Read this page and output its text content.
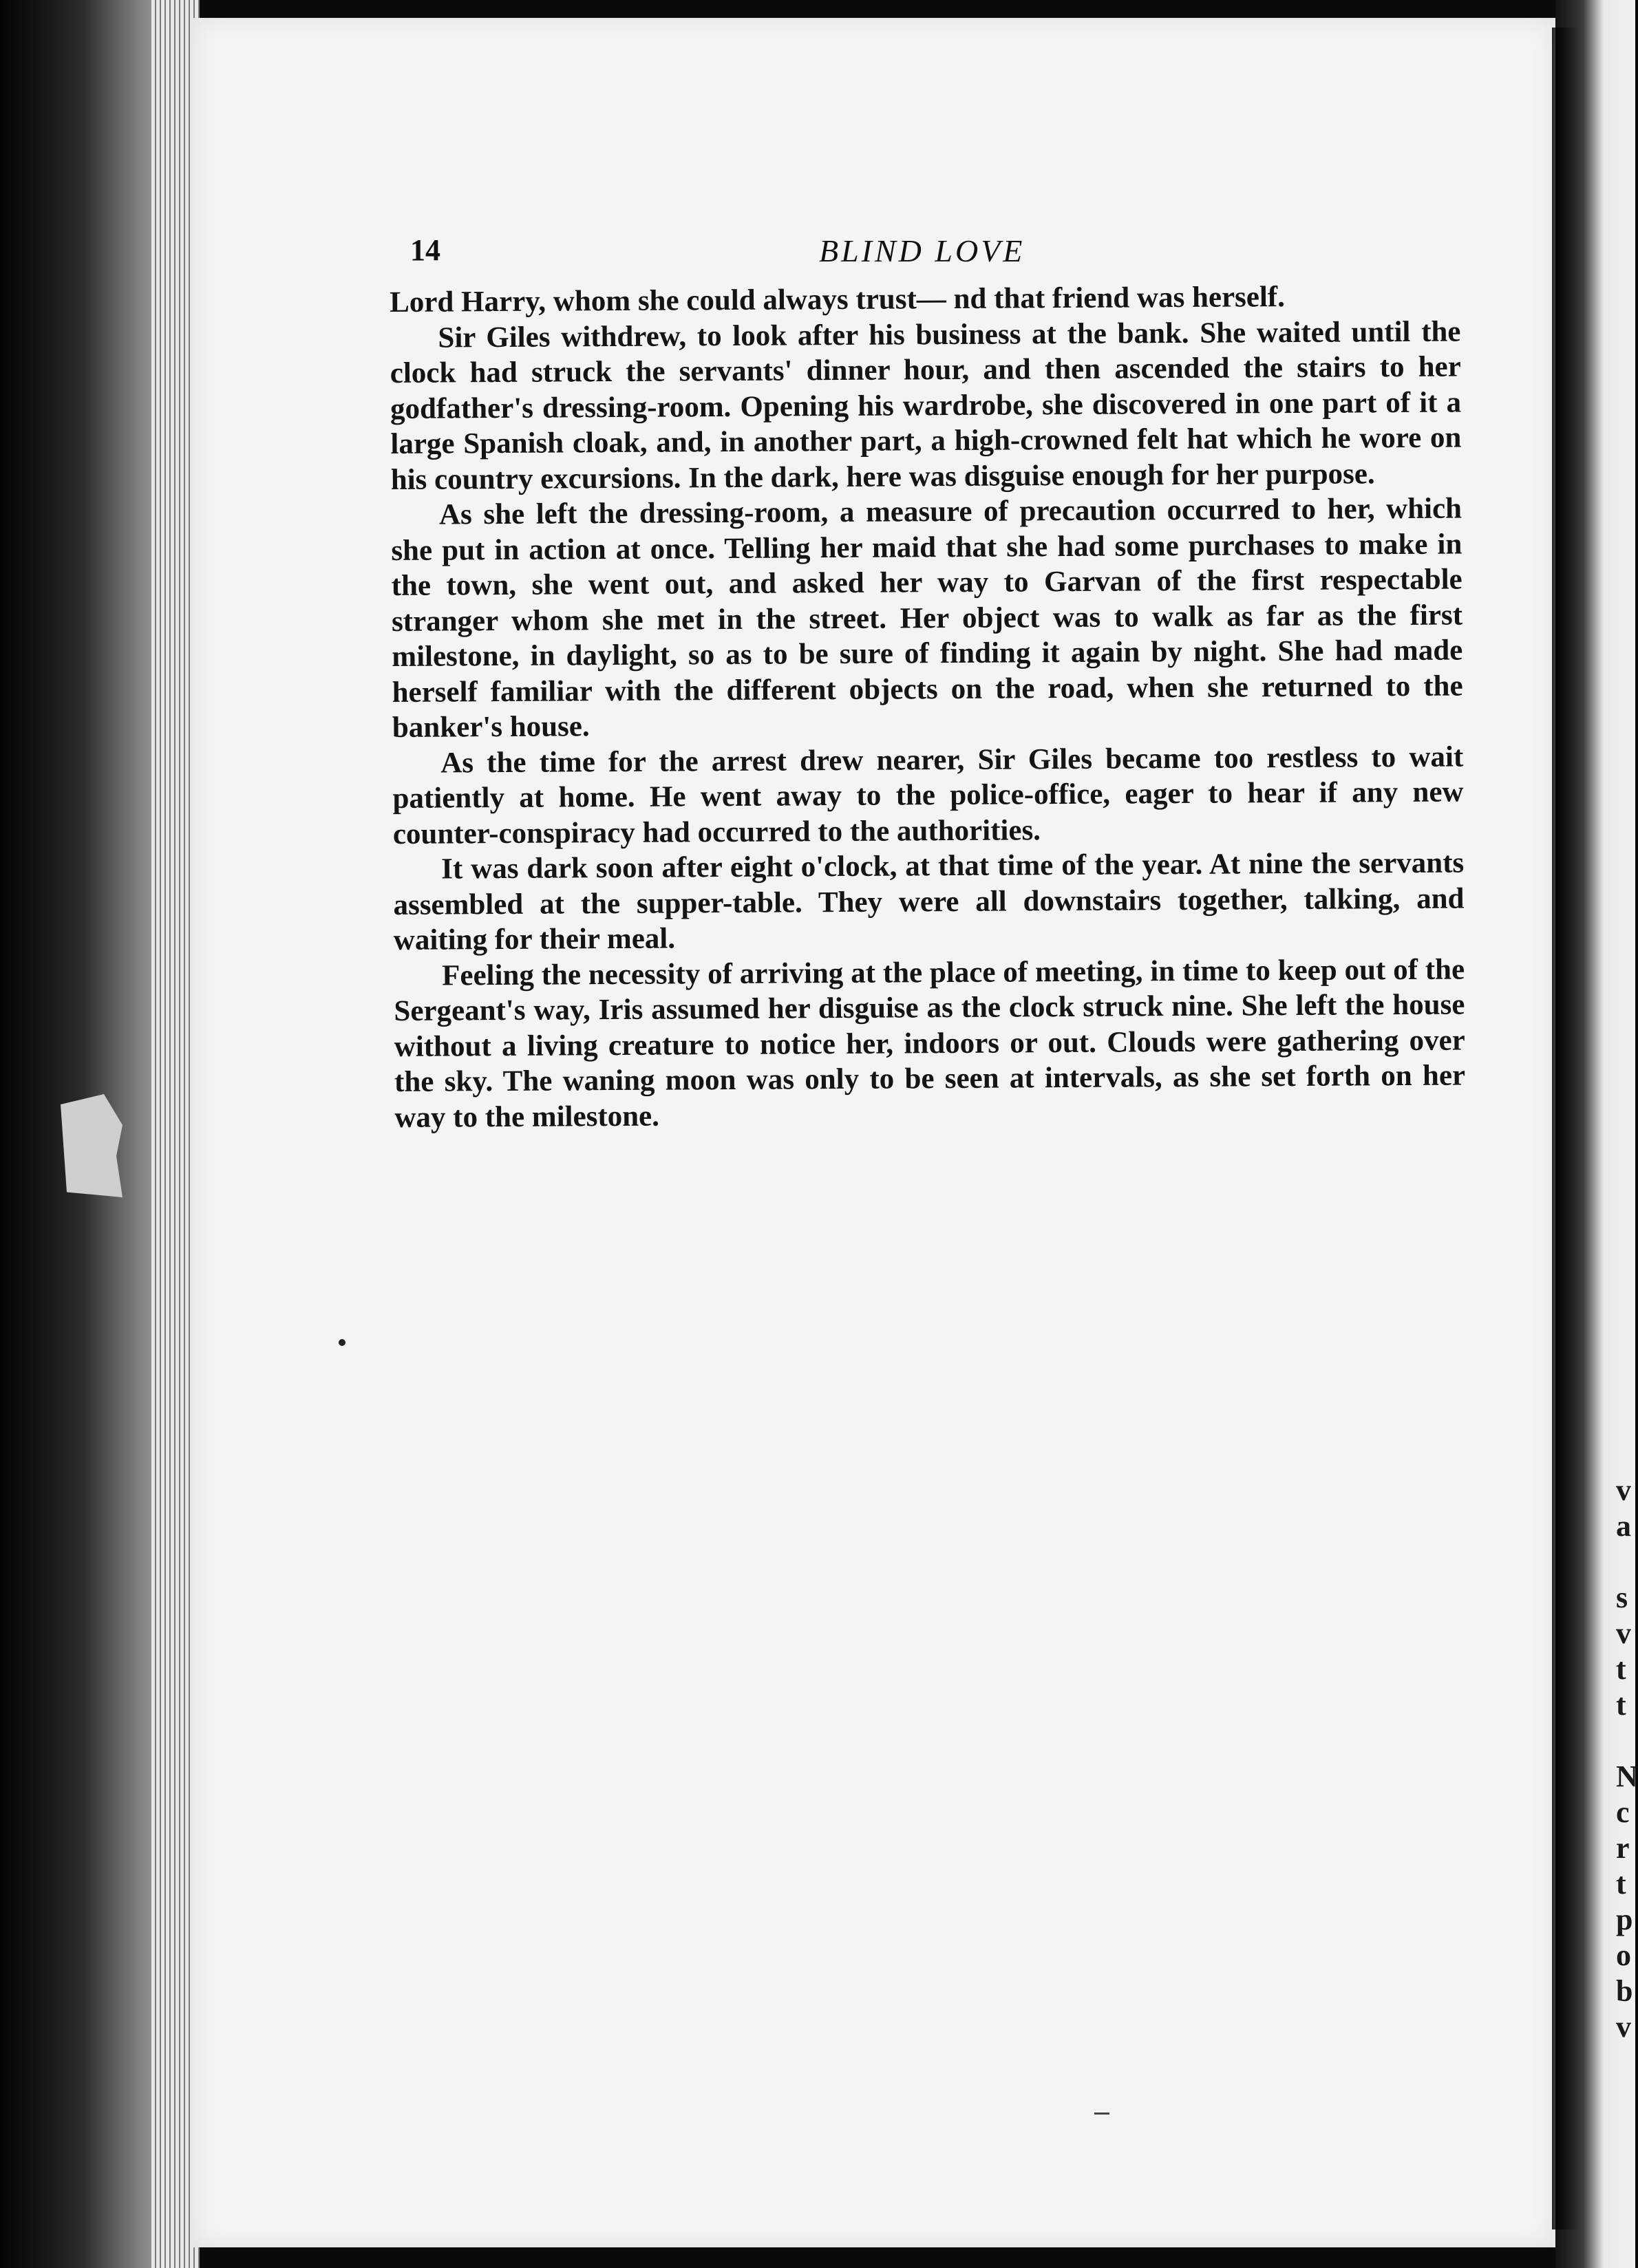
v
a

s
v
t
t

N
c
r
t
p
o
b
v
14	BLIND LOVE

Lord Harry, whom she could always trust— nd that friend was herself.

Sir Giles withdrew, to look after his business at the bank. She waited until the clock had struck the servants' dinner hour, and then ascended the stairs to her godfather's dressing-room. Opening his wardrobe, she discovered in one part of it a large Spanish cloak, and, in another part, a high-crowned felt hat which he wore on his country excursions. In the dark, here was disguise enough for her purpose.

As she left the dressing-room, a measure of precaution occurred to her, which she put in action at once. Telling her maid that she had some purchases to make in the town, she went out, and asked her way to Garvan of the first respectable stranger whom she met in the street. Her object was to walk as far as the first milestone, in daylight, so as to be sure of finding it again by night. She had made herself familiar with the different objects on the road, when she returned to the banker's house.

As the time for the arrest drew nearer, Sir Giles became too restless to wait patiently at home. He went away to the police-office, eager to hear if any new counter-conspiracy had occurred to the authorities.

It was dark soon after eight o'clock, at that time of the year. At nine the servants assembled at the supper-table. They were all downstairs together, talking, and waiting for their meal.

Feeling the necessity of arriving at the place of meeting, in time to keep out of the Sergeant's way, Iris assumed her disguise as the clock struck nine. She left the house without a living creature to notice her, indoors or out. Clouds were gathering over the sky. The waning moon was only to be seen at intervals, as she set forth on her way to the milestone.
